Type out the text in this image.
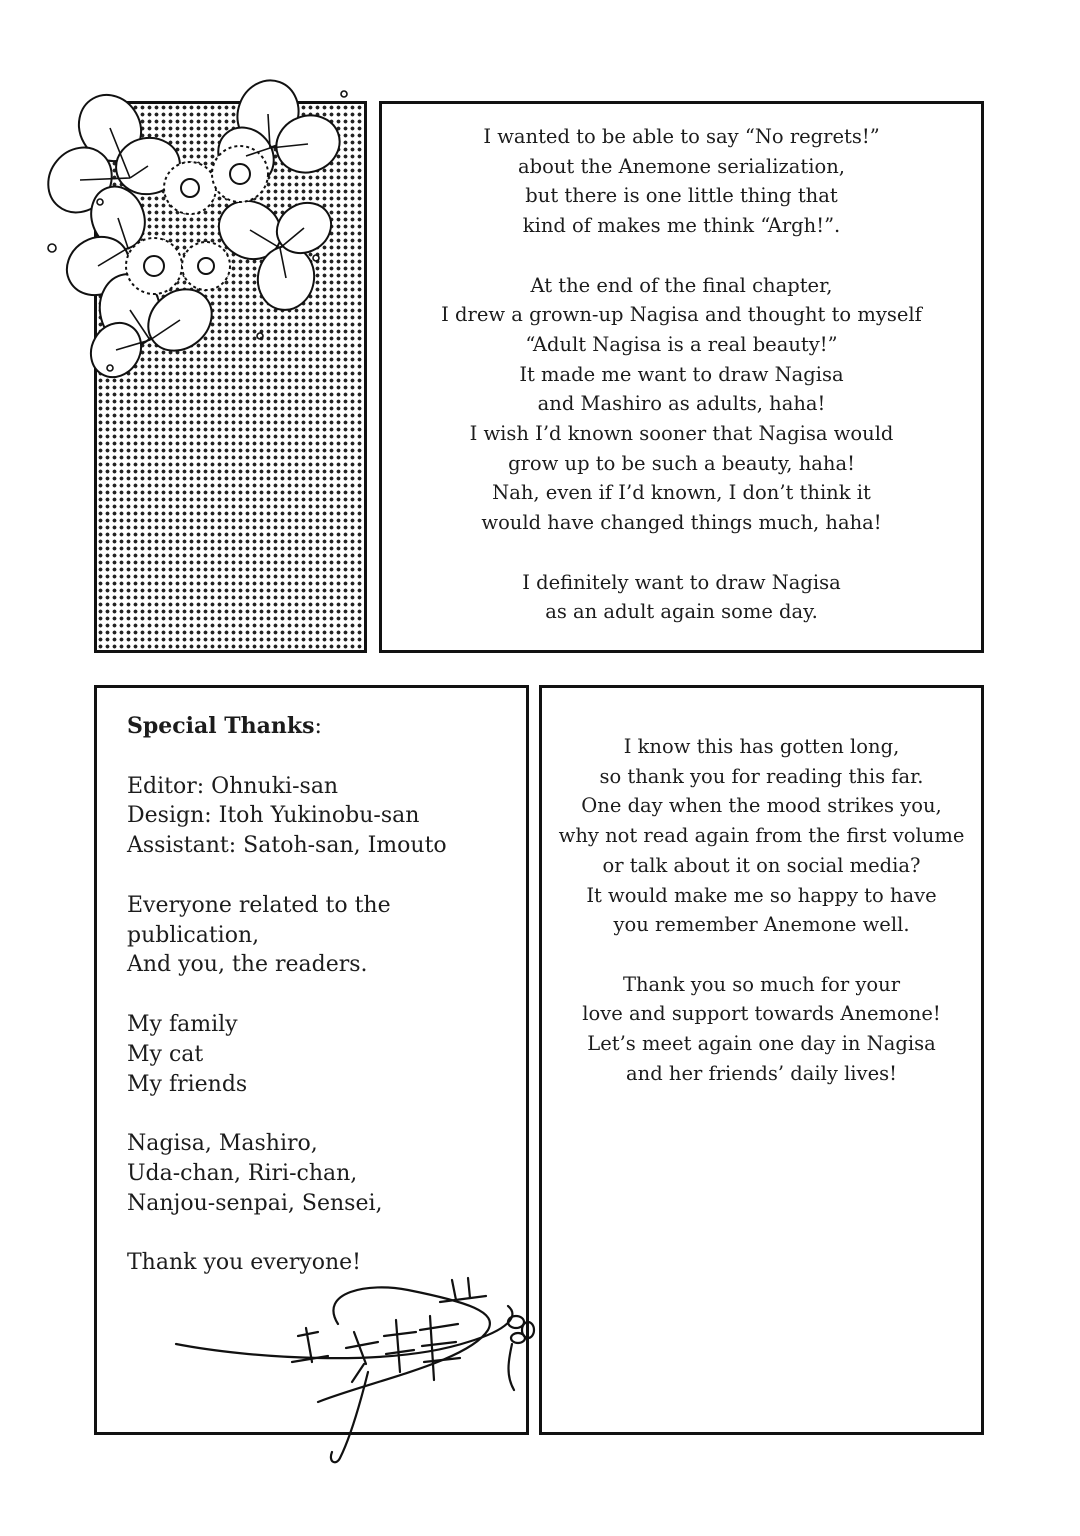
I wanted to be able to say “No regrets!”
about the Anemone serialization,
but there is one little thing that
kind of makes me think “Argh!”.
At the end of the final chapter,
I drew a grown-up Nagisa and thought to myself
“Adult Nagisa is a real beauty!”
It made me want to draw Nagisa
and Mashiro as adults, haha!
I wish I’d known sooner that Nagisa would
grow up to be such a beauty, haha!
Nah, even if I’d known, I don’t think it
would have changed things much, haha!
I definitely want to draw Nagisa
as an adult again some day.
Special Thanks:
Editor: Ohnuki-san
Design: Itoh Yukinobu-san
Assistant: Satoh-san, Imouto
Everyone related to the
publication,
And you, the readers.
My family
My cat
My friends
Nagisa, Mashiro,
Uda-chan, Riri-chan,
Nanjou-senpai, Sensei,
Thank you everyone!
I know this has gotten long,
so thank you for reading this far.
One day when the mood strikes you,
why not read again from the first volume
or talk about it on social media?
It would make me so happy to have
you remember Anemone well.
Thank you so much for your
love and support towards Anemone!
Let’s meet again one day in Nagisa
and her friends’ daily lives!
